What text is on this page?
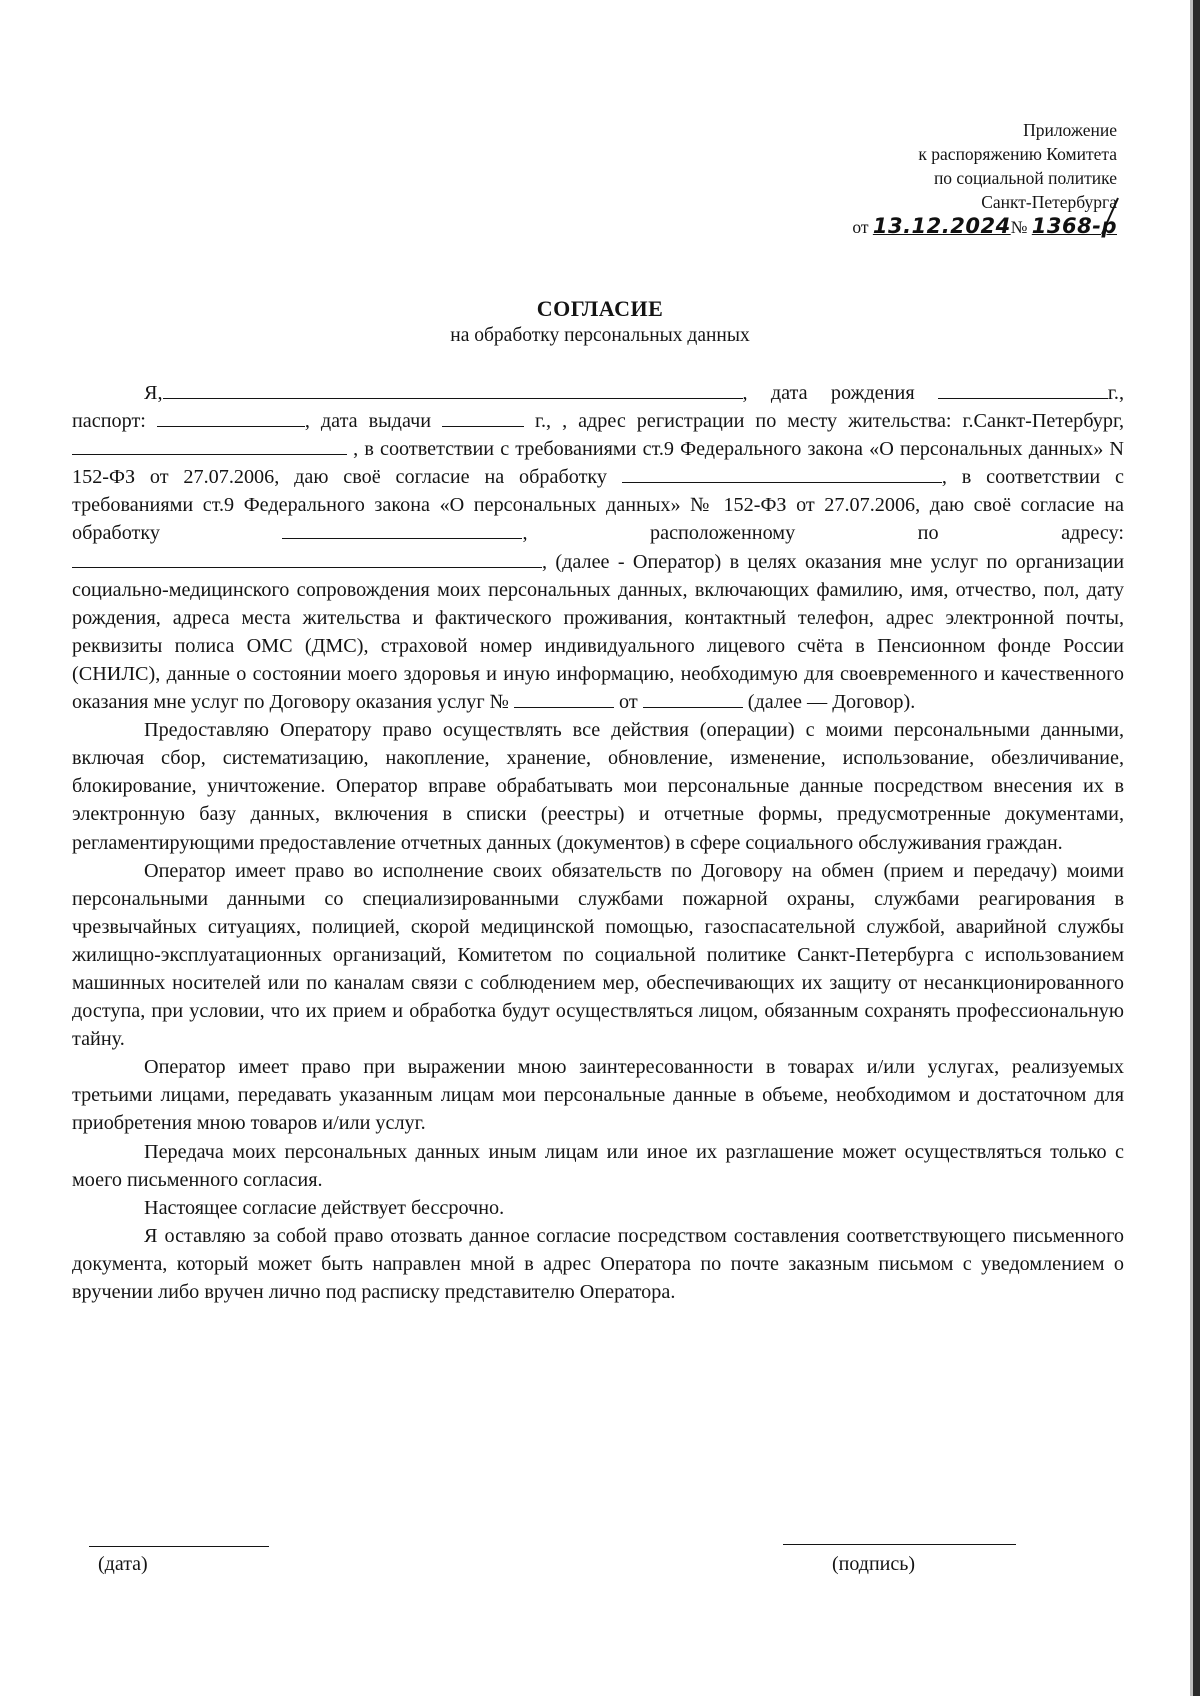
Приложение
к распоряжению Комитета
по социальной политике
Санкт-Петербурга
от 13.12.2024№ 1368-р
СОГЛАСИЕ
на обработку персональных данных

Я,	, дата рождения	г., паспорт:	, дата выдачи	г., , адрес регистрации по месту жительства: г.Санкт-Петербург, , в соответствии с требованиями ст.9 Федерального закона «О персональных данных» N 152-ФЗ от 27.07.2006, даю своё согласие на обработку	, в соответствии с требованиями ст.9 Федерального закона «О персональных данных» № 152-ФЗ от 27.07.2006, даю своё согласие на обработку	, расположенному по адресу: , (далее - Оператор) в целях оказания мне услуг по организации социально-медицинского сопровождения моих персональных данных, включающих фамилию, имя, отчество, пол, дату рождения, адреса места жительства и фактического проживания, контактный телефон, адрес электронной почты, реквизиты полиса ОМС (ДМС), страховой номер индивидуального лицевого счёта в Пенсионном фонде России (СНИЛС), данные о состоянии моего здоровья и иную информацию, необходимую для своевременного и качественного оказания мне услуг по Договору оказания услуг №	от	(далее — Договор).

Предоставляю Оператору право осуществлять все действия (операции) с моими персональными данными, включая сбор, систематизацию, накопление, хранение, обновление, изменение, использование, обезличивание, блокирование, уничтожение. Оператор вправе обрабатывать мои персональные данные посредством внесения их в электронную базу данных, включения в списки (реестры) и отчетные формы, предусмотренные документами, регламентирующими предоставление отчетных данных (документов) в сфере социального обслуживания граждан.

Оператор имеет право во исполнение своих обязательств по Договору на обмен (прием и передачу) моими персональными данными со специализированными службами пожарной охраны, службами реагирования в чрезвычайных ситуациях, полицией, скорой медицинской помощью, газоспасательной службой, аварийной службы жилищно-эксплуатационных организаций, Комитетом по социальной политике Санкт-Петербурга с использованием машинных носителей или по каналам связи с соблюдением мер, обеспечивающих их защиту от несанкционированного доступа, при условии, что их прием и обработка будут осуществляться лицом, обязанным сохранять профессиональную тайну.

Оператор имеет право при выражении мною заинтересованности в товарах и/или услугах, реализуемых третьими лицами, передавать указанным лицам мои персональные данные в объеме, необходимом и достаточном для приобретения мною товаров и/или услуг.

Передача моих персональных данных иным лицам или иное их разглашение может осуществляться только с моего письменного согласия.

Настоящее согласие действует бессрочно.

Я оставляю за собой право отозвать данное согласие посредством составления соответствующего письменного документа, который может быть направлен мной в адрес Оператора по почте заказным письмом с уведомлением о вручении либо вручен лично под расписку представителю Оператора.

(дата)	(подпись)
